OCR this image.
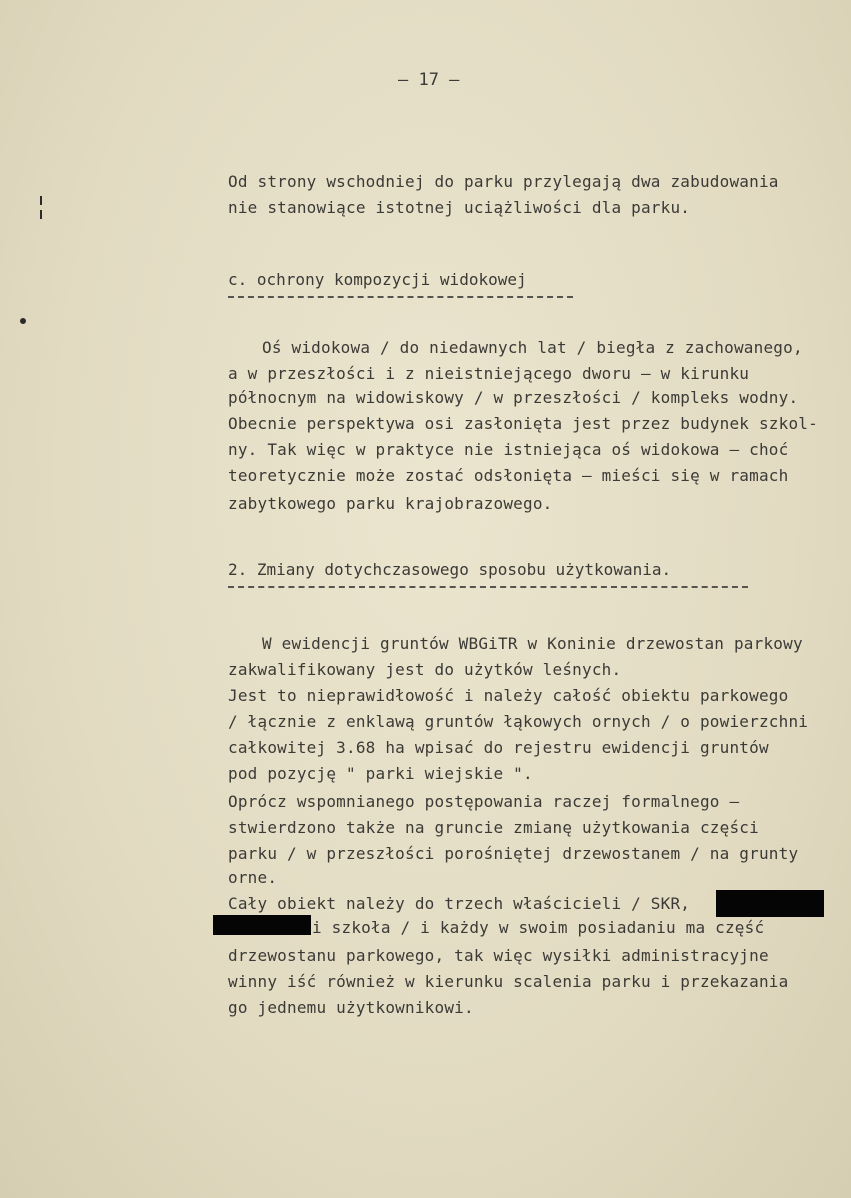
– 17 –
Od strony wschodniej do parku przylegają dwa zabudowania
nie stanowiące istotnej uciążliwości dla parku.
c. ochrony kompozycji widokowej
Oś widokowa / do niedawnych lat / biegła z zachowanego,
a w przeszłości i z nieistniejącego dworu – w kirunku
północnym na widowiskowy / w przeszłości / kompleks wodny.
Obecnie perspektywa osi zasłonięta jest przez budynek szkol-
ny. Tak więc w praktyce nie istniejąca oś widokowa – choć
teoretycznie może zostać odsłonięta – mieści się w ramach
zabytkowego parku krajobrazowego.
2. Zmiany dotychczasowego sposobu użytkowania.
W ewidencji gruntów WBGiTR w Koninie drzewostan parkowy
zakwalifikowany jest do użytków leśnych.
Jest to nieprawidłowość i należy całość obiektu parkowego
/ łącznie z enklawą gruntów łąkowych ornych / o powierzchni
całkowitej 3.68 ha wpisać do rejestru ewidencji gruntów
pod pozycję " parki wiejskie ".
Oprócz wspomnianego postępowania raczej formalnego –
stwierdzono także na gruncie zmianę użytkowania części
parku / w przeszłości porośniętej drzewostanem / na grunty
orne.
Cały obiekt należy do trzech właścicieli / SKR,
i szkoła / i każdy w swoim posiadaniu ma część
drzewostanu parkowego, tak więc wysiłki administracyjne
winny iść również w kierunku scalenia parku i przekazania
go jednemu użytkownikowi.
